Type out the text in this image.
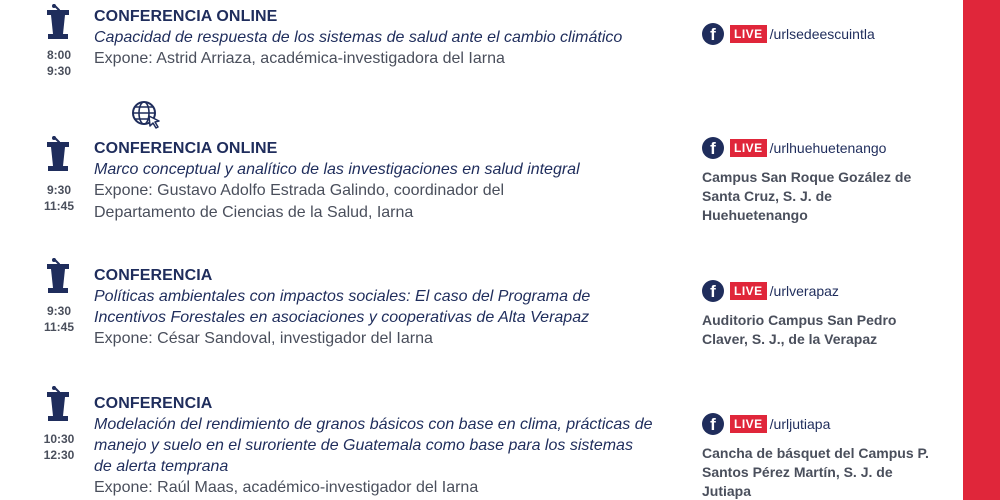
8:00
9:30
CONFERENCIA ONLINE
Capacidad de respuesta de los sistemas de salud ante el cambio climático
Expone: Astrid Arriaza, académica-investigadora del Iarna
f	LIVE /urlsedeescuintla
9:30
11:45
CONFERENCIA ONLINE
Marco conceptual y analítico de las investigaciones en salud integral
Expone: Gustavo Adolfo Estrada Galindo, coordinador del Departamento de Ciencias de la Salud, Iarna
f	LIVE /urlhuehuetenango
Campus San Roque Gozález de Santa Cruz, S. J. de Huehuetenango
9:30
11:45
CONFERENCIA
Políticas ambientales con impactos sociales: El caso del Programa de Incentivos Forestales en asociaciones y cooperativas de Alta Verapaz
Expone: César Sandoval, investigador del Iarna
f	LIVE /urlverapaz
Auditorio Campus San Pedro Claver, S. J., de la Verapaz
10:30
12:30
CONFERENCIA
Modelación del rendimiento de granos básicos con base en clima, prácticas de manejo y suelo en el suroriente de Guatemala como base para los sistemas de alerta temprana
Expone: Raúl Maas, académico-investigador del Iarna
f	LIVE /urljutiapa
Cancha de básquet del Campus P. Santos Pérez Martín, S. J. de Jutiapa
